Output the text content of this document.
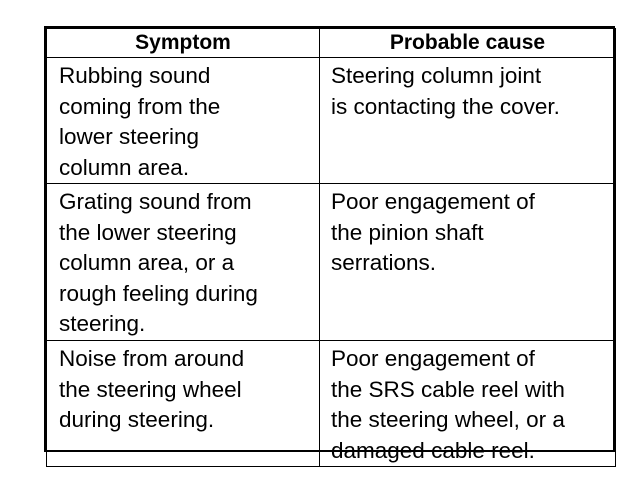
Symptom	Probable cause

Rubbing sound
coming from the
lower steering
column area.	Steering column joint
is contacting the cover.

Grating sound from
the lower steering
column area, or a
rough feeling during
steering.	Poor engagement of
the pinion shaft
serrations.

Noise from around
the steering wheel
during steering.	Poor engagement of
the SRS cable reel with
the steering wheel, or a
damaged cable reel.
